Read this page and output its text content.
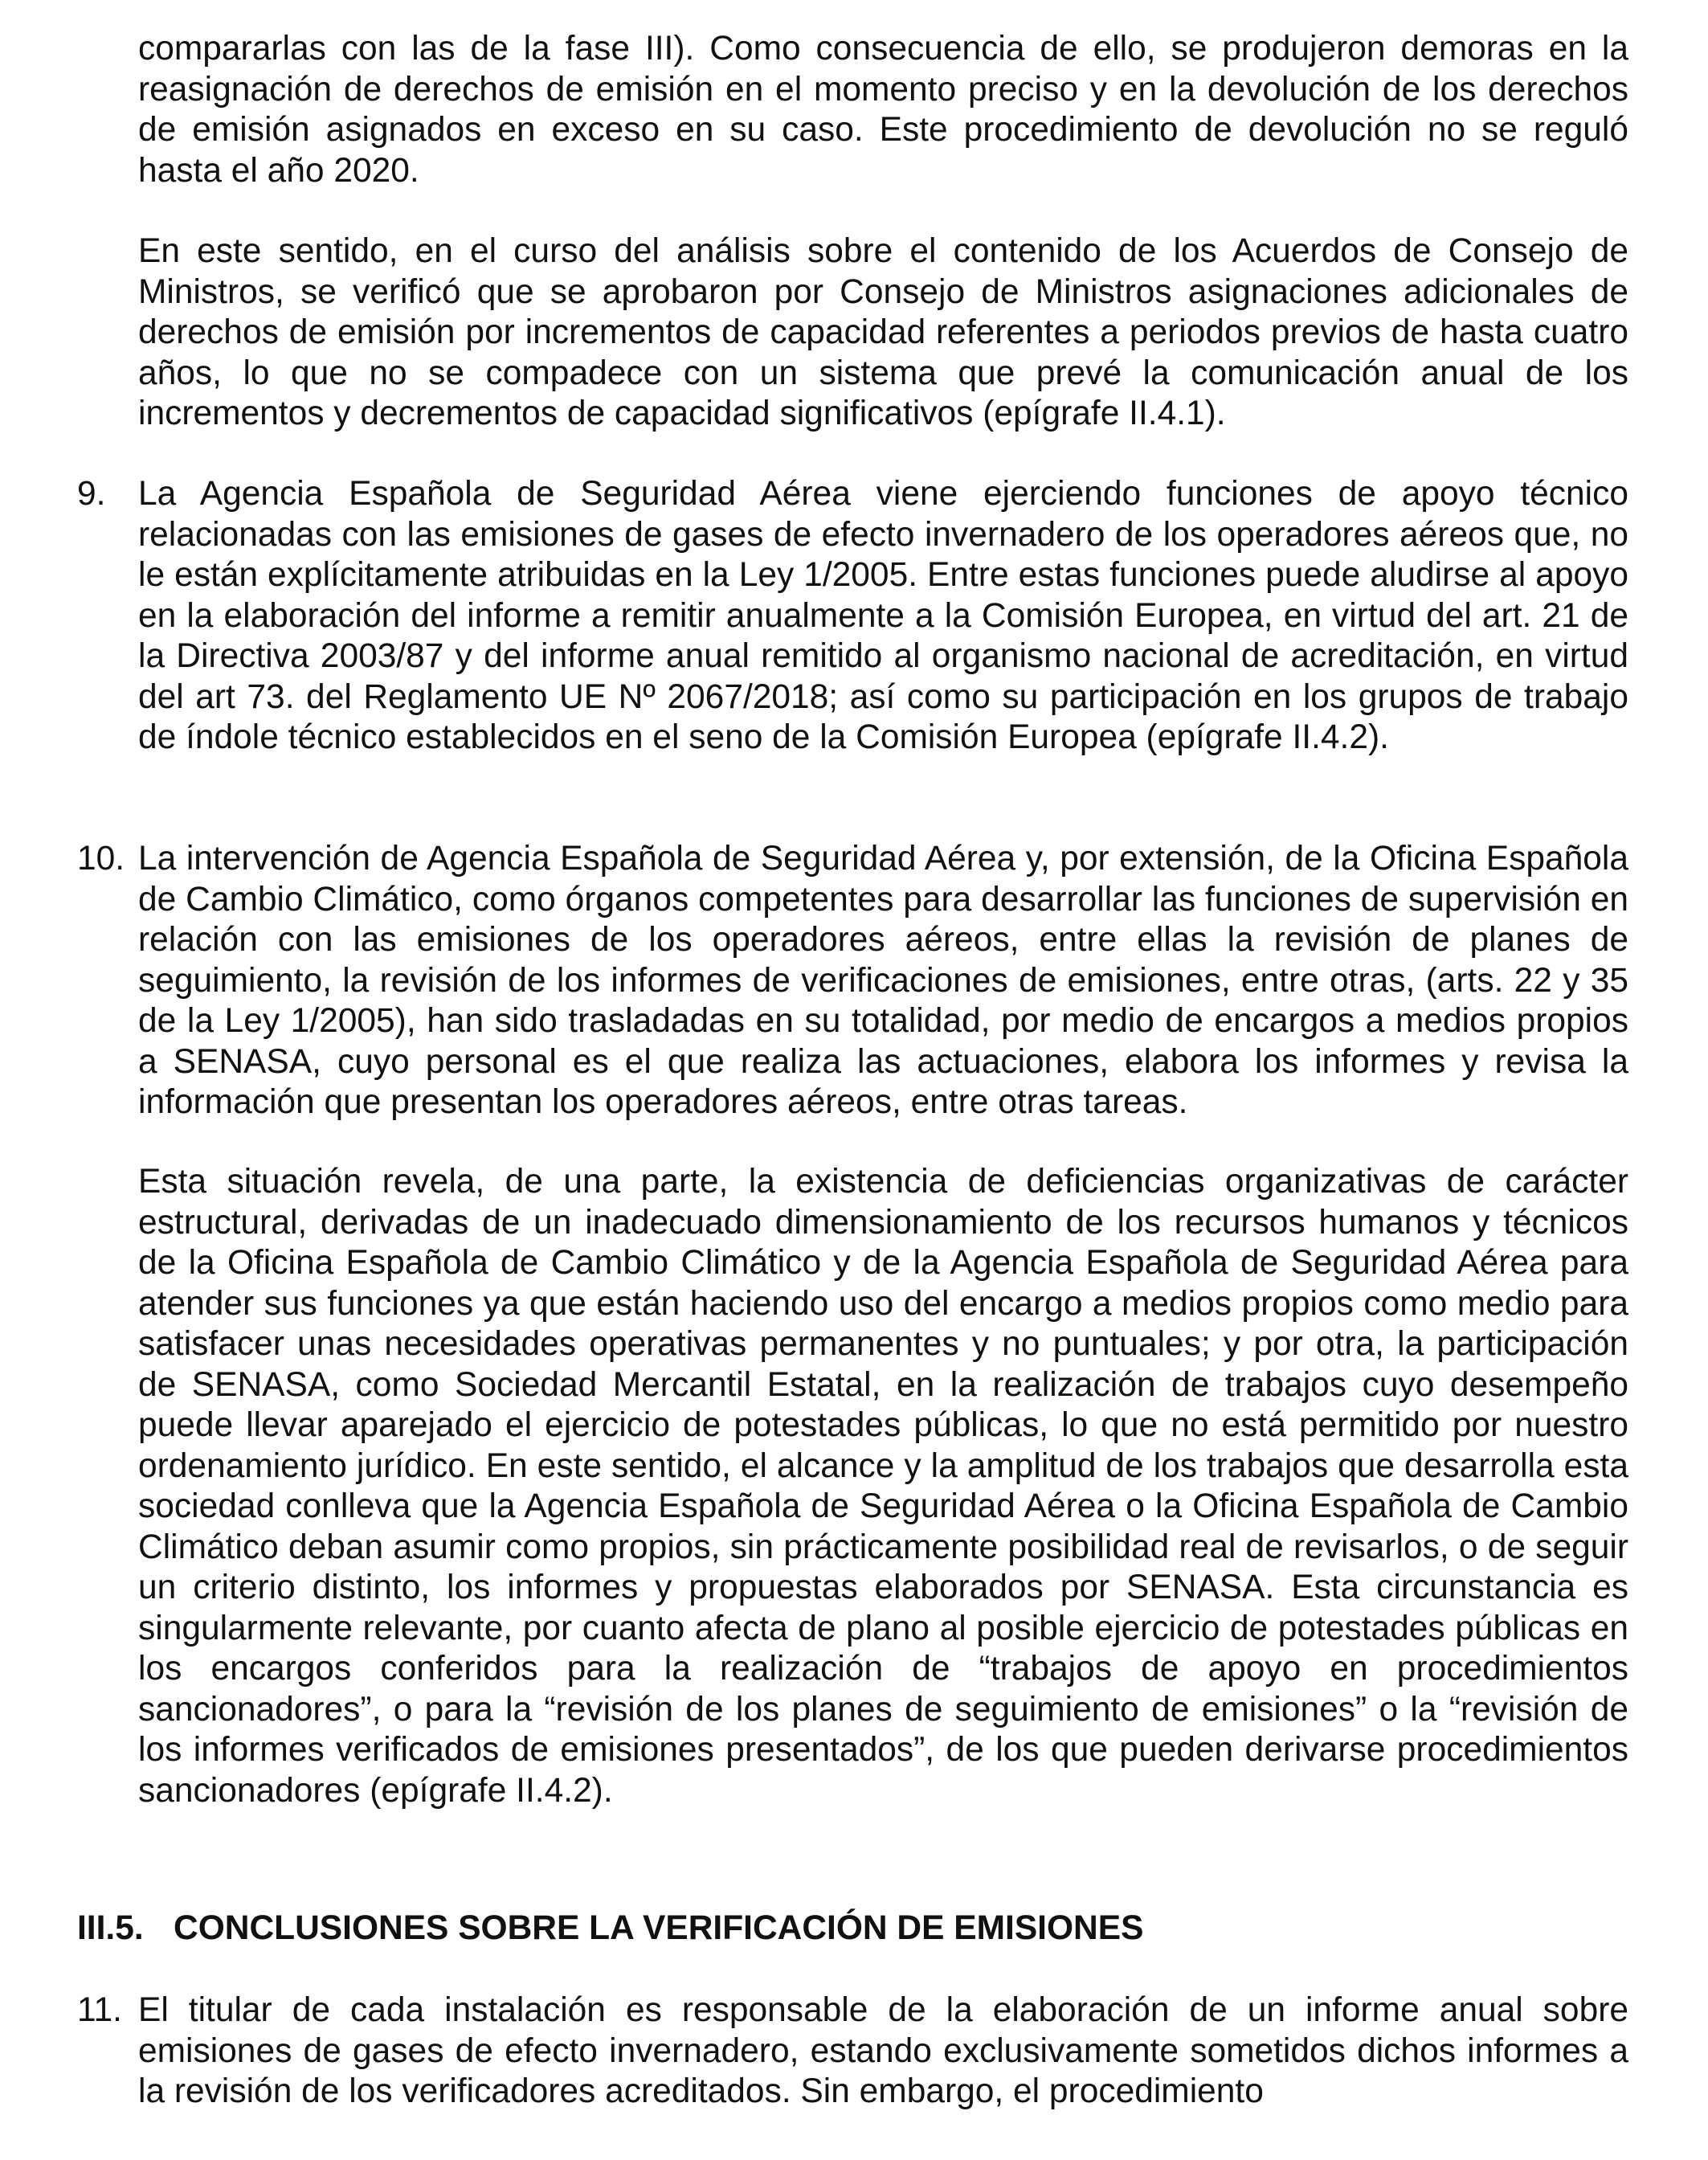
compararlas con las de la fase III). Como consecuencia de ello, se produjeron demoras en la reasignación de derechos de emisión en el momento preciso y en la devolución de los derechos de emisión asignados en exceso en su caso. Este procedimiento de devolución no se reguló hasta el año 2020.

En este sentido, en el curso del análisis sobre el contenido de los Acuerdos de Consejo de Ministros, se verificó que se aprobaron por Consejo de Ministros asignaciones adicionales de derechos de emisión por incrementos de capacidad referentes a periodos previos de hasta cuatro años, lo que no se compadece con un sistema que prevé la comunicación anual de los incrementos y decrementos de capacidad significativos (epígrafe II.4.1).

9. La Agencia Española de Seguridad Aérea viene ejerciendo funciones de apoyo técnico relacionadas con las emisiones de gases de efecto invernadero de los operadores aéreos que, no le están explícitamente atribuidas en la Ley 1/2005. Entre estas funciones puede aludirse al apoyo en la elaboración del informe a remitir anualmente a la Comisión Europea, en virtud del art. 21 de la Directiva 2003/87 y del informe anual remitido al organismo nacional de acreditación, en virtud del art 73. del Reglamento UE Nº 2067/2018; así como su participación en los grupos de trabajo de índole técnico establecidos en el seno de la Comisión Europea (epígrafe II.4.2).

10. La intervención de Agencia Española de Seguridad Aérea y, por extensión, de la Oficina Española de Cambio Climático, como órganos competentes para desarrollar las funciones de supervisión en relación con las emisiones de los operadores aéreos, entre ellas la revisión de planes de seguimiento, la revisión de los informes de verificaciones de emisiones, entre otras, (arts. 22 y 35 de la Ley 1/2005), han sido trasladadas en su totalidad, por medio de encargos a medios propios a SENASA, cuyo personal es el que realiza las actuaciones, elabora los informes y revisa la información que presentan los operadores aéreos, entre otras tareas.

Esta situación revela, de una parte, la existencia de deficiencias organizativas de carácter estructural, derivadas de un inadecuado dimensionamiento de los recursos humanos y técnicos de la Oficina Española de Cambio Climático y de la Agencia Española de Seguridad Aérea para atender sus funciones ya que están haciendo uso del encargo a medios propios como medio para satisfacer unas necesidades operativas permanentes y no puntuales; y por otra, la participación de SENASA, como Sociedad Mercantil Estatal, en la realización de trabajos cuyo desempeño puede llevar aparejado el ejercicio de potestades públicas, lo que no está permitido por nuestro ordenamiento jurídico. En este sentido, el alcance y la amplitud de los trabajos que desarrolla esta sociedad conlleva que la Agencia Española de Seguridad Aérea o la Oficina Española de Cambio Climático deban asumir como propios, sin prácticamente posibilidad real de revisarlos, o de seguir un criterio distinto, los informes y propuestas elaborados por SENASA. Esta circunstancia es singularmente relevante, por cuanto afecta de plano al posible ejercicio de potestades públicas en los encargos conferidos para la realización de “trabajos de apoyo en procedimientos sancionadores”, o para la “revisión de los planes de seguimiento de emisiones” o la “revisión de los informes verificados de emisiones presentados”, de los que pueden derivarse procedimientos sancionadores (epígrafe II.4.2).

III.5. CONCLUSIONES SOBRE LA VERIFICACIÓN DE EMISIONES
11. El titular de cada instalación es responsable de la elaboración de un informe anual sobre emisiones de gases de efecto invernadero, estando exclusivamente sometidos dichos informes a la revisión de los verificadores acreditados. Sin embargo, el procedimiento
